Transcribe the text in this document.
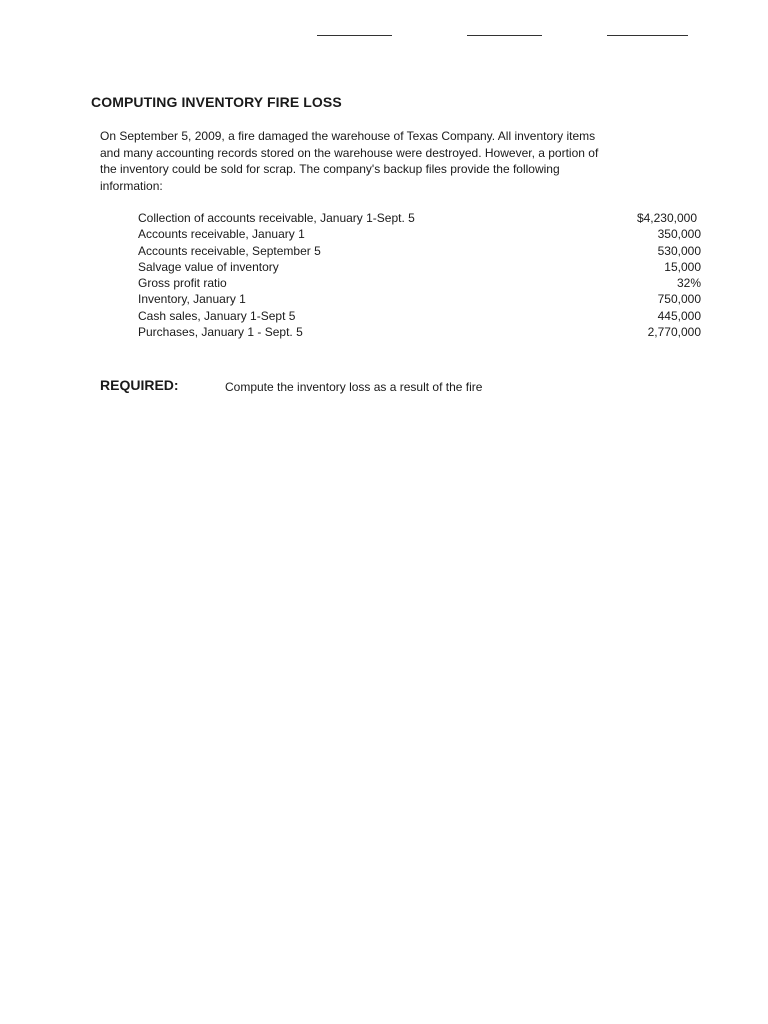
COMPUTING INVENTORY FIRE LOSS

On September 5, 2009, a fire damaged the warehouse of Texas Company. All inventory items

and many accounting records stored on the warehouse were destroyed. However, a portion of

the inventory could be sold for scrap. The company's backup files provide the following

information:

Collection of accounts receivable, January 1-Sept. 5	$4,230,000
Accounts receivable, January 1	350,000
Accounts receivable, September 5	530,000
Salvage value of inventory	15,000
Gross profit ratio	32%
Inventory, January 1	750,000
Cash sales, January 1-Sept 5	445,000
Purchases, January 1 - Sept. 5	2,770,000
REQUIRED:	Compute the inventory loss as a result of the fire
